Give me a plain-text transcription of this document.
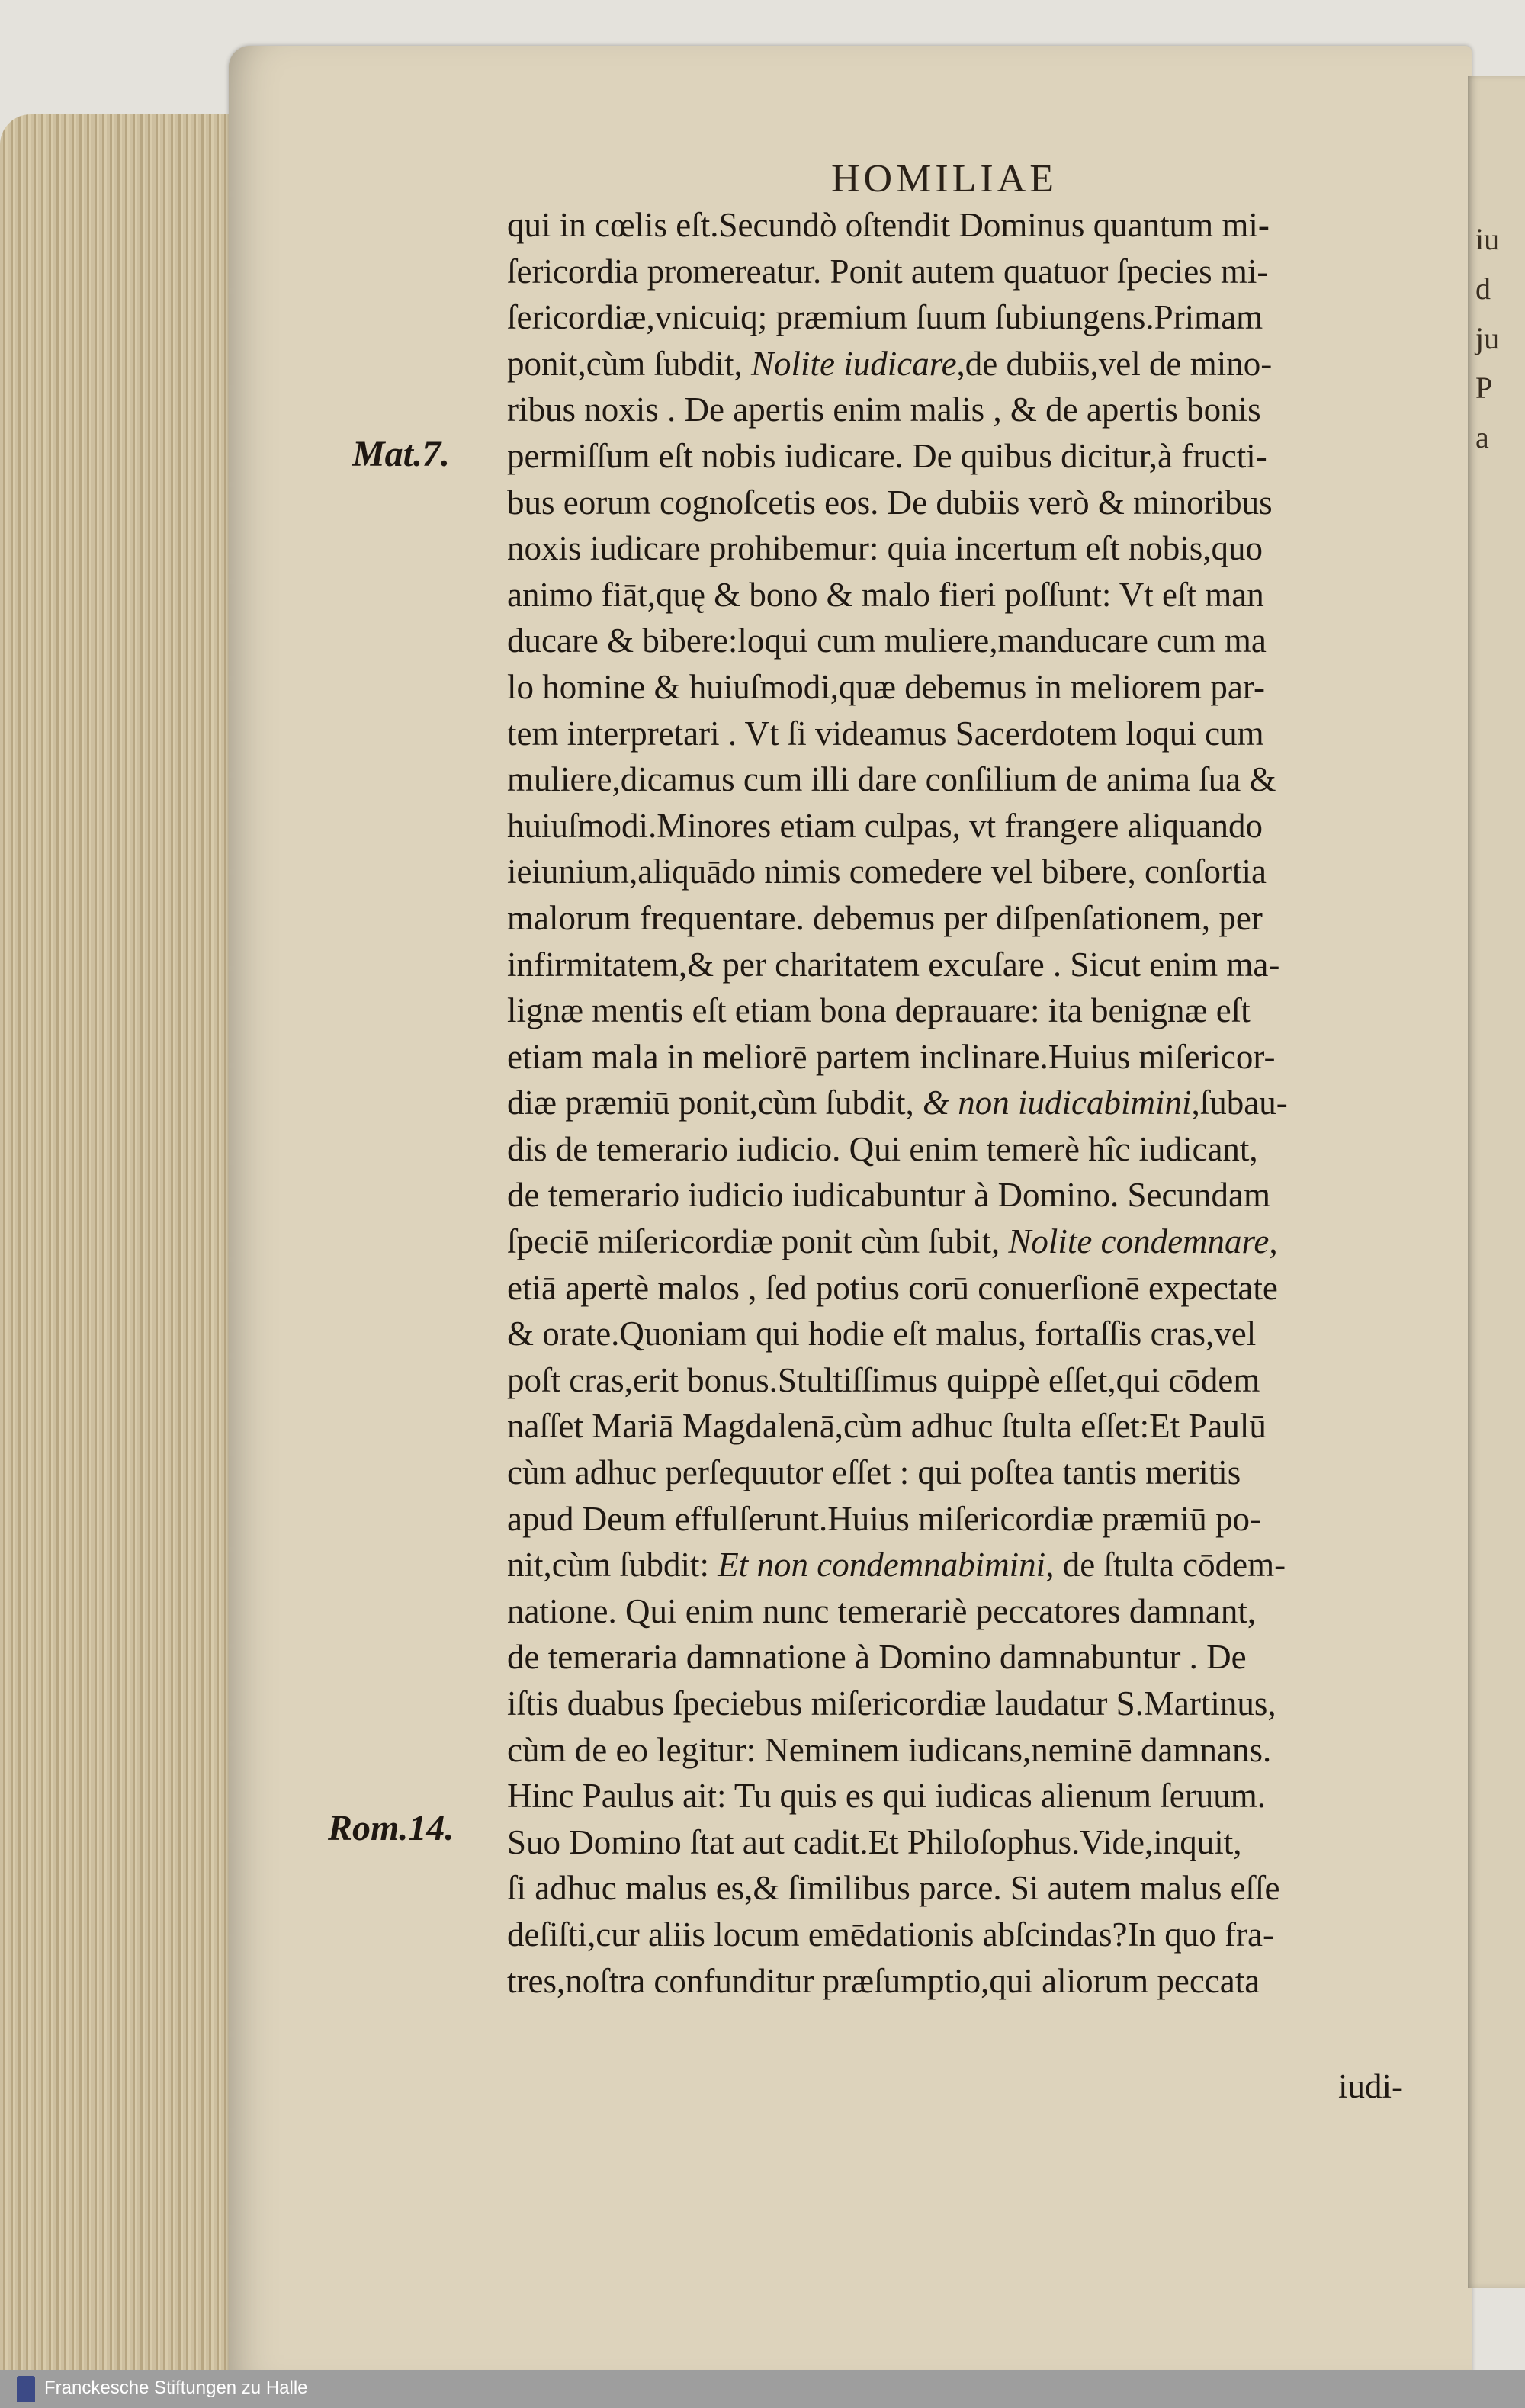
iu
d
ju
P
a
HOMILIAE
Mat.7.
Rom.14.
qui in cœlis eſt.Secundò oſtendit Dominus quantum mi-
ſericordia promereatur. Ponit autem quatuor ſpecies mi-
ſericordiæ,vnicuiq; præmium ſuum ſubiungens.Primam
ponit,cùm ſubdit, Nolite iudicare,de dubiis,vel de mino-
ribus noxis . De apertis enim malis , & de apertis bonis
permiſſum eſt nobis iudicare. De quibus dicitur,à fructi-
bus eorum cognoſcetis eos. De dubiis verò & minoribus
noxis iudicare prohibemur: quia incertum eſt nobis,quo
animo fiāt,quę & bono & malo fieri poſſunt: Vt eſt man
ducare & bibere:loqui cum muliere,manducare cum ma
lo homine & huiuſmodi,quæ debemus in meliorem par-
tem interpretari . Vt ſi videamus Sacerdotem loqui cum
muliere,dicamus cum illi dare conſilium de anima ſua &
huiuſmodi.Minores etiam culpas, vt frangere aliquando
ieiunium,aliquādo nimis comedere vel bibere, conſortia
malorum frequentare. debemus per diſpenſationem, per
infirmitatem,& per charitatem excuſare . Sicut enim ma-
lignæ mentis eſt etiam bona deprauare: ita benignæ eſt
etiam mala in meliorē partem inclinare.Huius miſericor-
diæ præmiū ponit,cùm ſubdit, & non iudicabimini,ſubau-
dis de temerario iudicio. Qui enim temerè hîc iudicant,
de temerario iudicio iudicabuntur à Domino. Secundam
ſpeciē miſericordiæ ponit cùm ſubit, Nolite condemnare,
etiā apertè malos , ſed potius corū conuerſionē expectate
& orate.Quoniam qui hodie eſt malus, fortaſſis cras,vel
poſt cras,erit bonus.Stultiſſimus quippè eſſet,qui cōdem
naſſet Mariā Magdalenā,cùm adhuc ſtulta eſſet:Et Paulū
cùm adhuc perſequutor eſſet : qui poſtea tantis meritis
apud Deum effulſerunt.Huius miſericordiæ præmiū po-
nit,cùm ſubdit: Et non condemnabimini, de ſtulta cōdem-
natione. Qui enim nunc temerariè peccatores damnant,
de temeraria damnatione à Domino damnabuntur . De
iſtis duabus ſpeciebus miſericordiæ laudatur S.Martinus,
cùm de eo legitur: Neminem iudicans,neminē damnans.
Hinc Paulus ait: Tu quis es qui iudicas alienum ſeruum.
Suo Domino ſtat aut cadit.Et Philoſophus.Vide,inquit,
ſi adhuc malus es,& ſimilibus parce. Si autem malus eſſe
deſiſti,cur aliis locum emēdationis abſcindas?In quo fra-
tres,noſtra confunditur præſumptio,qui aliorum peccata
iudi-
Franckesche Stiftungen zu Halle
